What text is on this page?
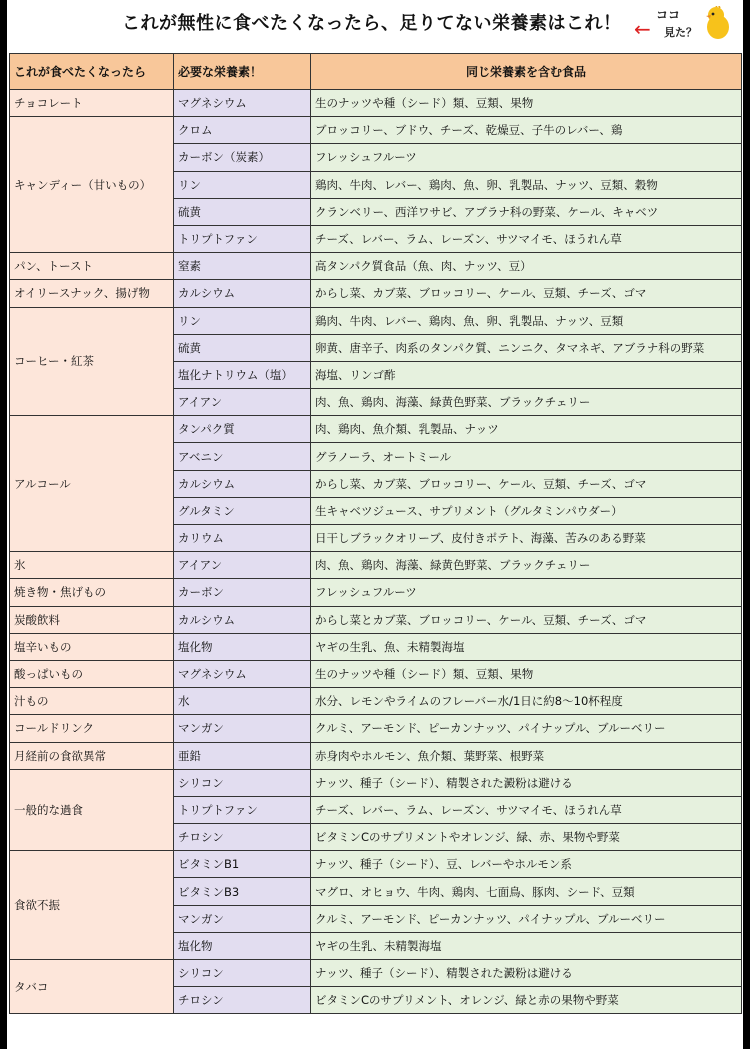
これが無性に食べたくなったら、足りてない栄養素はこれ！ ←
ココ
見た？
これが食べたくなったら	必要な栄養素！	同じ栄養素を含む食品
チョコレート	マグネシウム	生のナッツや種（シード）類、豆類、果物
キャンディー（甘いもの）	クロム	ブロッコリー、ブドウ、チーズ、乾燥豆、子牛のレバー、鶏
	カーボン（炭素）	フレッシュフルーツ
	リン	鶏肉、牛肉、レバー、鶏肉、魚、卵、乳製品、ナッツ、豆類、穀物
	硫黄	クランベリー、西洋ワサビ、アブラナ科の野菜、ケール、キャベツ
	トリプトファン	チーズ、レバー、ラム、レーズン、サツマイモ、ほうれん草
パン、トースト	窒素	高タンパク質食品（魚、肉、ナッツ、豆）
オイリースナック、揚げ物	カルシウム	からし菜、カブ菜、ブロッコリー、ケール、豆類、チーズ、ゴマ
コーヒー・紅茶	リン	鶏肉、牛肉、レバー、鶏肉、魚、卵、乳製品、ナッツ、豆類
	硫黄	卵黄、唐辛子、肉系のタンパク質、ニンニク、タマネギ、アブラナ科の野菜
	塩化ナトリウム（塩）	海塩、リンゴ酢
	アイアン	肉、魚、鶏肉、海藻、緑黄色野菜、ブラックチェリー
アルコール	タンパク質	肉、鶏肉、魚介類、乳製品、ナッツ
	アベニン	グラノーラ、オートミール
	カルシウム	からし菜、カブ菜、ブロッコリー、ケール、豆類、チーズ、ゴマ
	グルタミン	生キャベツジュース、サプリメント（グルタミンパウダー）
	カリウム	日干しブラックオリーブ、皮付きポテト、海藻、苦みのある野菜
氷	アイアン	肉、魚、鶏肉、海藻、緑黄色野菜、ブラックチェリー
焼き物・焦げもの	カーボン	フレッシュフルーツ
炭酸飲料	カルシウム	からし菜とカブ菜、ブロッコリー、ケール、豆類、チーズ、ゴマ
塩辛いもの	塩化物	ヤギの生乳、魚、未精製海塩
酸っぱいもの	マグネシウム	生のナッツや種（シード）類、豆類、果物
汁もの	水	水分、レモンやライムのフレーバー水/1日に約8～10杯程度
コールドリンク	マンガン	クルミ、アーモンド、ピーカンナッツ、パイナップル、ブルーベリー
月経前の食欲異常	亜鉛	赤身肉やホルモン、魚介類、葉野菜、根野菜
一般的な過食	シリコン	ナッツ、種子（シード）、精製された澱粉は避ける
	トリプトファン	チーズ、レバー、ラム、レーズン、サツマイモ、ほうれん草
	チロシン	ビタミンCのサプリメントやオレンジ、緑、赤、果物や野菜
食欲不振	ビタミンB1	ナッツ、種子（シード）、豆、レバーやホルモン系
	ビタミンB3	マグロ、オヒョウ、牛肉、鶏肉、七面鳥、豚肉、シード、豆類
	マンガン	クルミ、アーモンド、ピーカンナッツ、パイナップル、ブルーベリー
	塩化物	ヤギの生乳、未精製海塩
タバコ	シリコン	ナッツ、種子（シード）、精製された澱粉は避ける
	チロシン	ビタミンCのサプリメント、オレンジ、緑と赤の果物や野菜
